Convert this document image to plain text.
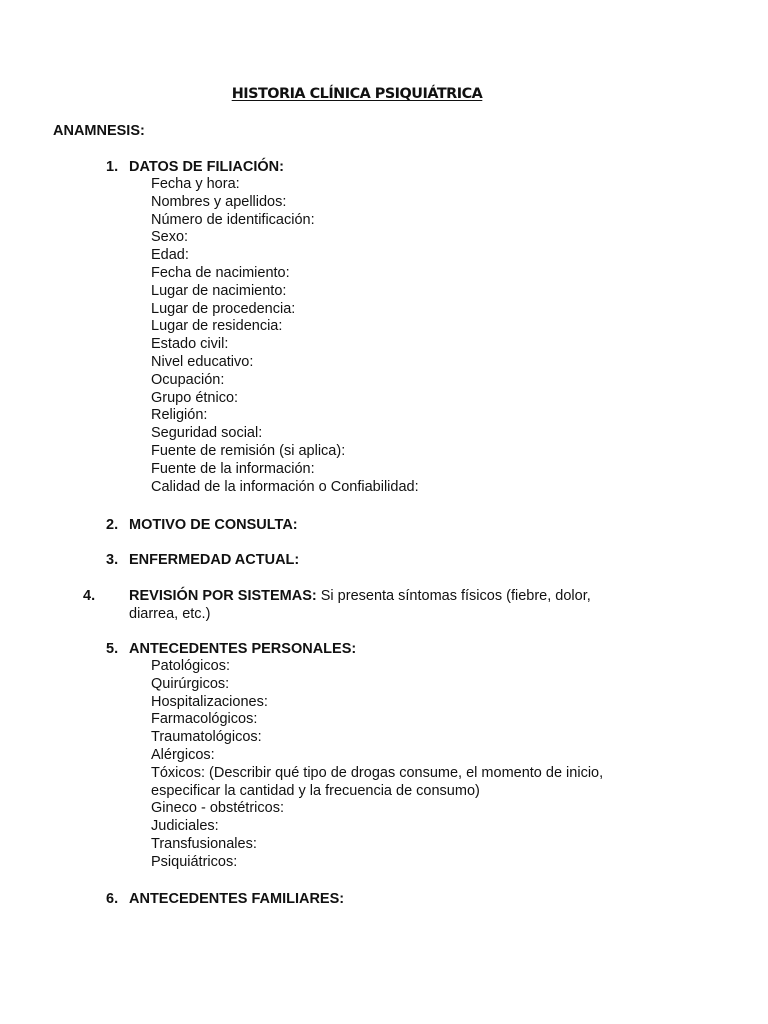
HISTORIA CLÍNICA PSIQUIÁTRICA

ANAMNESIS:

1. DATOS DE FILIACIÓN:
Fecha y hora:
Nombres y apellidos:
Número de identificación:
Sexo:
Edad:
Fecha de nacimiento:
Lugar de nacimiento:
Lugar de procedencia:
Lugar de residencia:
Estado civil:
Nivel educativo:
Ocupación:
Grupo étnico:
Religión:
Seguridad social:
Fuente de remisión (si aplica):
Fuente de la información:
Calidad de la información o Confiabilidad:
2. MOTIVO DE CONSULTA:
3. ENFERMEDAD ACTUAL:
4. REVISIÓN POR SISTEMAS: Si presenta síntomas físicos (fiebre, dolor, diarrea, etc.)
5. ANTECEDENTES PERSONALES:
Patológicos:
Quirúrgicos:
Hospitalizaciones:
Farmacológicos:
Traumatológicos:
Alérgicos:
Tóxicos: (Describir qué tipo de drogas consume, el momento de inicio, especificar la cantidad y la frecuencia de consumo)
Gineco - obstétricos:
Judiciales:
Transfusionales:
Psiquiátricos:
6. ANTECEDENTES FAMILIARES:
